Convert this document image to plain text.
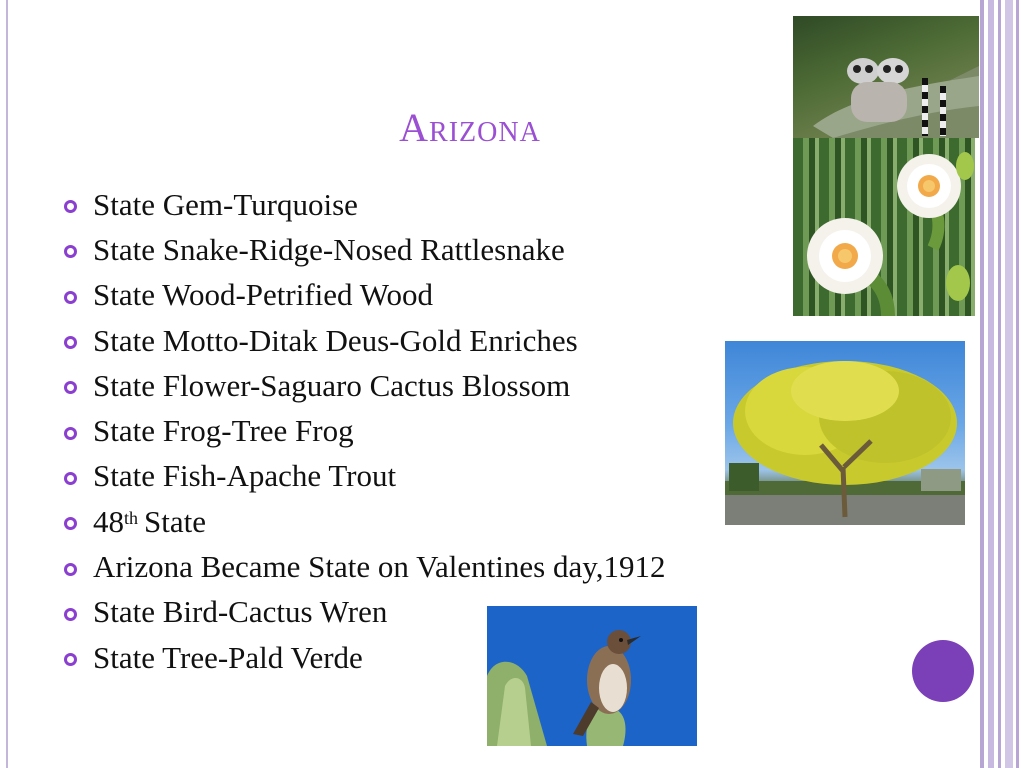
Arizona
State Gem-Turquoise
State Snake-Ridge-Nosed Rattlesnake
State Wood-Petrified Wood
State Motto-Ditak Deus-Gold Enriches
State Flower-Saguaro Cactus Blossom
State Frog-Tree Frog
State Fish-Apache Trout
48th State
Arizona Became State on Valentines day,1912
State Bird-Cactus Wren
State Tree-Pald Verde
